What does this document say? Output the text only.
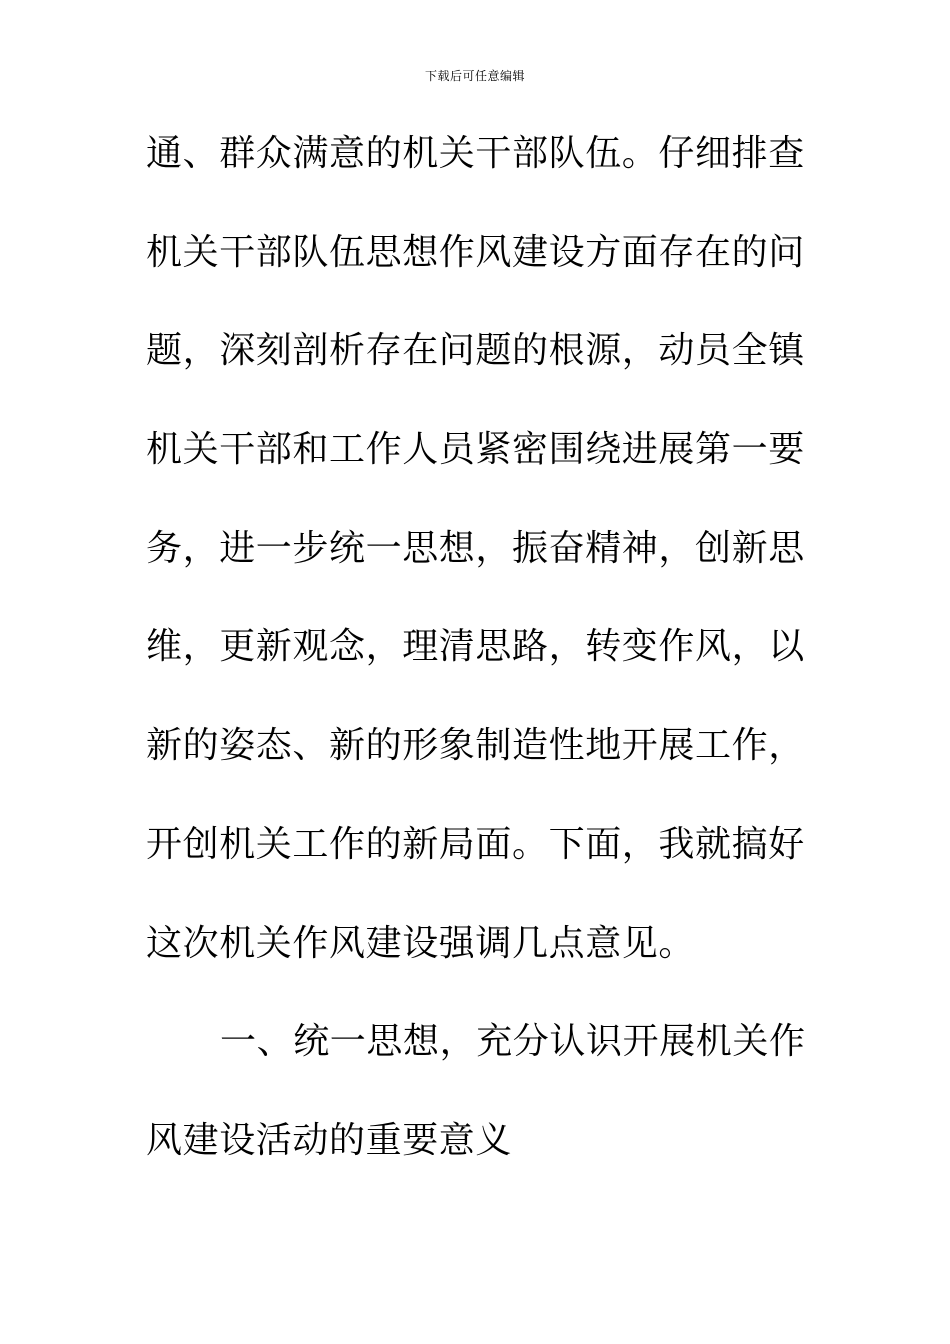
下载后可任意编辑
通、群众满意的机关干部队伍。仔细排查
机关干部队伍思想作风建设方面存在的问
题，深刻剖析存在问题的根源，动员全镇
机关干部和工作人员紧密围绕进展第一要
务，进一步统一思想，振奋精神，创新思
维，更新观念，理清思路，转变作风，以
新的姿态、新的形象制造性地开展工作，
开创机关工作的新局面。下面，我就搞好
这次机关作风建设强调几点意见。
一、统一思想，充分认识开展机关作
风建设活动的重要意义
